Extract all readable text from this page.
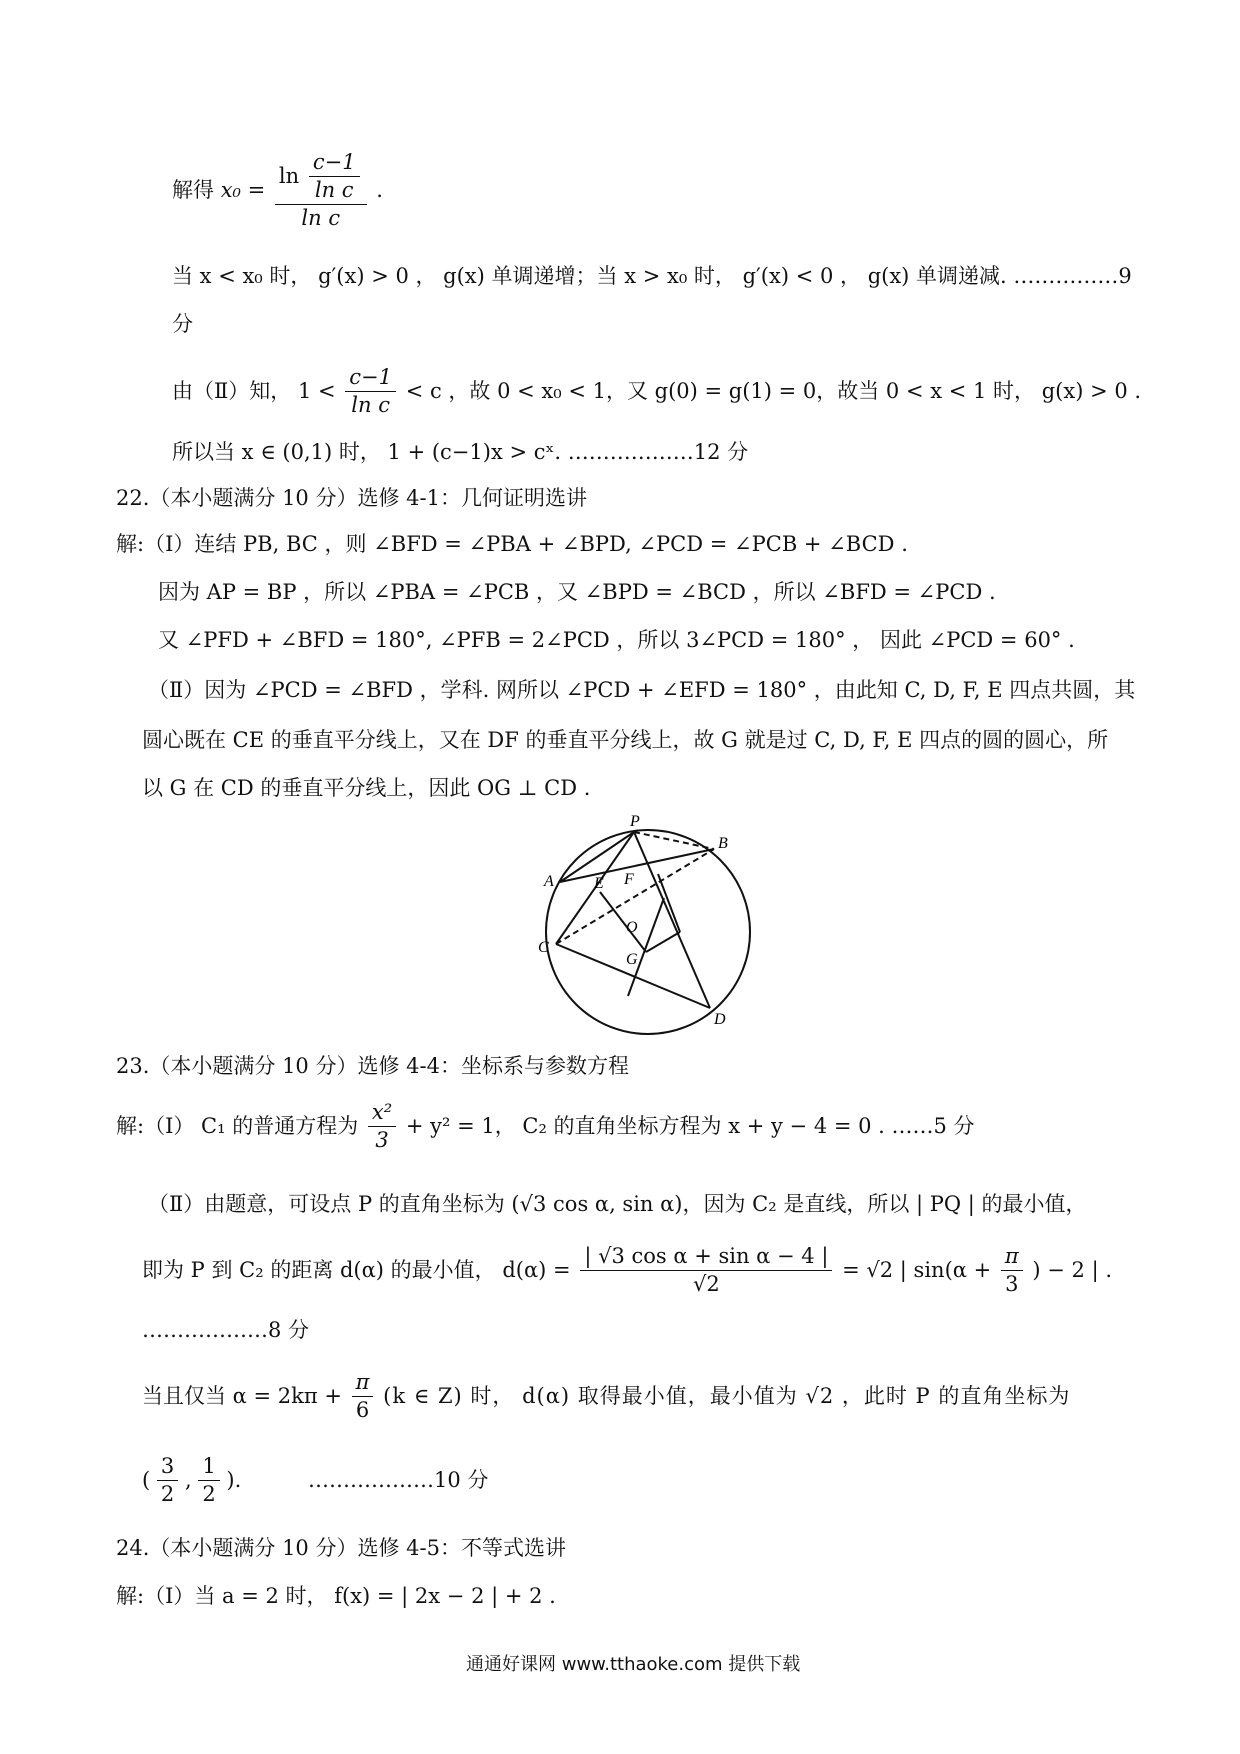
解得 $x_0 = \frac{\ln \frac{c-1}{\text{ln c}}}{\text{ln c}}$ .
当 x < x₀ 时， g′(x) > 0 ， g(x) 单调递增；当 x > x₀ 时， g′(x) < 0 ， g(x) 单调递减. ……………9
分
由（Ⅱ）知， $1 < \frac{c-1}{\text{ln c}} < c$ ，故 0 < x₀ < 1，又 g(0) = g(1) = 0，故当 0 < x < 1 时， g(x) > 0 .
所以当 x ∈ (0,1) 时， 1 + (c−1)x > cˣ. ………………12 分
22.（本小题满分 10 分）选修 4-1：几何证明选讲
解:（Ⅰ）连结 PB, BC ，则 ∠BFD = ∠PBA + ∠BPD, ∠PCD = ∠PCB + ∠BCD .
因为 AP = BP ，所以 ∠PBA = ∠PCB ，又 ∠BPD = ∠BCD ，所以 ∠BFD = ∠PCD .
又 ∠PFD + ∠BFD = 180°, ∠PFB = 2∠PCD ，所以 3∠PCD = 180° ， 因此 ∠PCD = 60° .
（Ⅱ）因为 ∠PCD = ∠BFD ，学科. 网所以 ∠PCD + ∠EFD = 180° ，由此知 C, D, F, E 四点共圆，其
圆心既在 CE 的垂直平分线上，又在 DF 的垂直平分线上，故 G 就是过 C, D, F, E 四点的圆的圆心，所
以 G 在 CD 的垂直平分线上，因此 OG ⊥ CD .
P
B
A	E F
O
C
G
D
23.（本小题满分 10 分）选修 4-4：坐标系与参数方程
解:（Ⅰ） C₁ 的普通方程为 $\frac{\text{x²}}{3} + y^2 = 1$， C₂ 的直角坐标方程为 x + y − 4 = 0 . ……5 分
（Ⅱ）由题意，可设点 P 的直角坐标为 (√3 cos α, sin α)，因为 C₂ 是直线，所以 | PQ | 的最小值，
即为 P 到 C₂ 的距离 d(α) 的最小值， $d(\alpha) = \frac{\text{| √3 cos α + sin α − 4 |}}{√2} = √2$ | $\sin(\alpha + \frac{\pi}{3}$ ) − 2 | .
………………8 分
当且仅当 $\alpha = 2k\pi + \frac{\pi}{6} (k$ ∈ Z) 时， d(α) 取得最小值，最小值为 √2 ，此时 P 的直角坐标为
( $\frac{3}{2}$ , $\frac{1}{2}$ ).	………………10 分
24.（本小题满分 10 分）选修 4-5：不等式选讲
解:（Ⅰ）当 a = 2 时， f(x) = | 2x − 2 | + 2 .
通通好课网 www.tthaoke.com 提供下载
